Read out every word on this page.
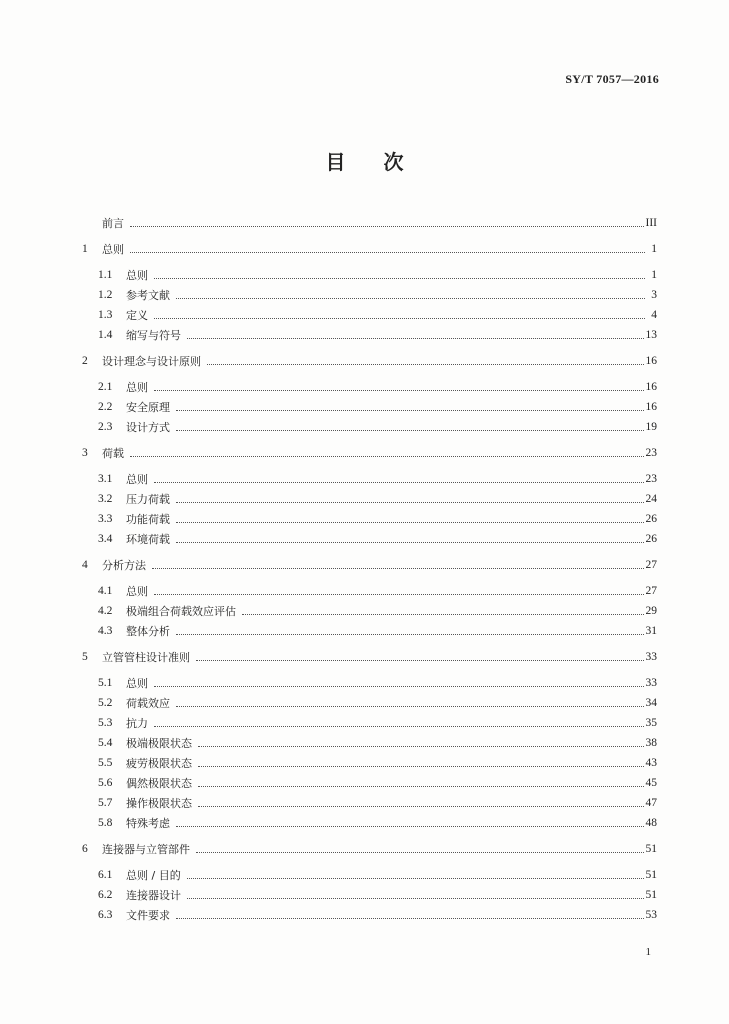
SY/T 7057—2016
目 次
前言	III
1	总则	1
1.1	总则	1
1.2	参考文献	3
1.3	定义	4
1.4	缩写与符号	13
2	设计理念与设计原则	16
2.1	总则	16
2.2	安全原理	16
2.3	设计方式	19
3	荷载	23
3.1	总则	23
3.2	压力荷载	24
3.3	功能荷载	26
3.4	环境荷载	26
4	分析方法	27
4.1	总则	27
4.2	极端组合荷载效应评估	29
4.3	整体分析	31
5	立管管柱设计准则	33
5.1	总则	33
5.2	荷载效应	34
5.3	抗力	35
5.4	极端极限状态	38
5.5	疲劳极限状态	43
5.6	偶然极限状态	45
5.7	操作极限状态	47
5.8	特殊考虑	48
6	连接器与立管部件	51
6.1	总则 / 目的	51
6.2	连接器设计	51
6.3	文件要求	53
1
